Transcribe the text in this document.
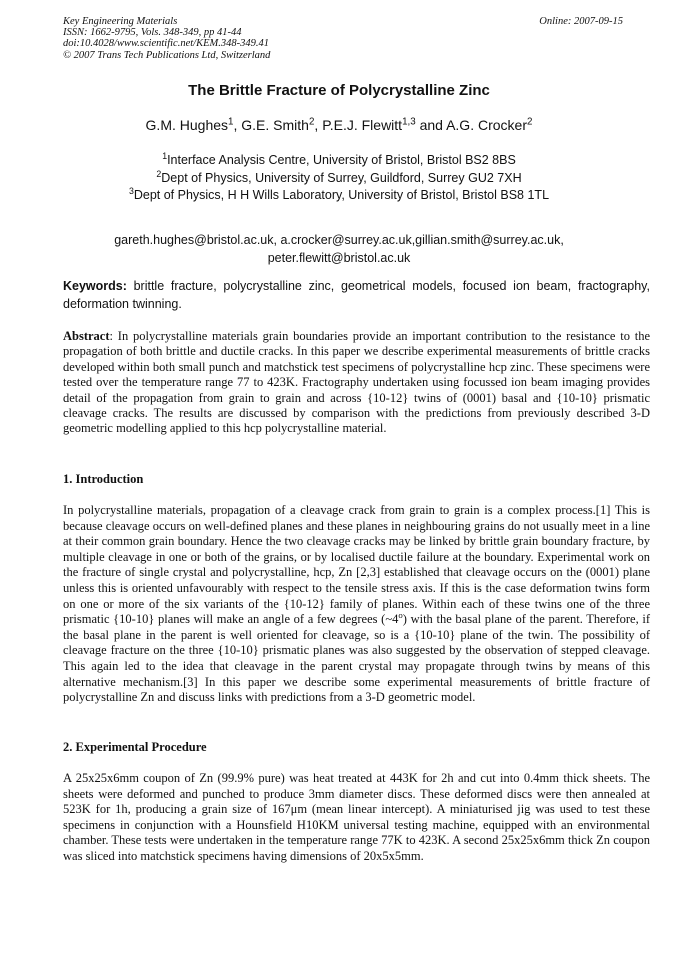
Key Engineering Materials
ISSN: 1662-9795, Vols. 348-349, pp 41-44
doi:10.4028/www.scientific.net/KEM.348-349.41
© 2007 Trans Tech Publications Ltd, Switzerland
Online: 2007-09-15
The Brittle Fracture of Polycrystalline Zinc
G.M. Hughes$^1$, G.E. Smith$^2$, P.E.J. Flewitt$^{1,3}$ and A.G. Crocker$^2$
$^1$Interface Analysis Centre, University of Bristol, Bristol BS2 8BS
$^2$Dept of Physics, University of Surrey, Guildford, Surrey GU2 7XH
$^3$Dept of Physics, H H Wills Laboratory, University of Bristol, Bristol BS8 1TL
gareth.hughes@bristol.ac.uk, a.crocker@surrey.ac.uk,gillian.smith@surrey.ac.uk, peter.flewitt@bristol.ac.uk
Keywords: brittle fracture, polycrystalline zinc, geometrical models, focused ion beam, fractography, deformation twinning.
Abstract: In polycrystalline materials grain boundaries provide an important contribution to the resistance to the propagation of both brittle and ductile cracks. In this paper we describe experimental measurements of brittle cracks developed within both small punch and matchstick test specimens of polycrystalline hcp zinc. These specimens were tested over the temperature range 77 to 423K. Fractography undertaken using focussed ion beam imaging provides detail of the propagation from grain to grain and across {10-12} twins of (0001) basal and {10-10} prismatic cleavage cracks. The results are discussed by comparison with the predictions from previously described 3-D geometric modelling applied to this hcp polycrystalline material.
1. Introduction
In polycrystalline materials, propagation of a cleavage crack from grain to grain is a complex process.[1] This is because cleavage occurs on well-defined planes and these planes in neighbouring grains do not usually meet in a line at their common grain boundary. Hence the two cleavage cracks may be linked by brittle grain boundary fracture, by multiple cleavage in one or both of the grains, or by localised ductile failure at the boundary. Experimental work on the fracture of single crystal and polycrystalline, hcp, Zn [2,3] established that cleavage occurs on the (0001) plane unless this is oriented unfavourably with respect to the tensile stress axis. If this is the case deformation twins form on one or more of the six variants of the {10-12} family of planes. Within each of these twins one of the three prismatic {10-10} planes will make an angle of a few degrees (~4$^o$) with the basal plane of the parent. Therefore, if the basal plane in the parent is well oriented for cleavage, so is a {10-10} plane of the twin. The possibility of cleavage fracture on the three {10-10} prismatic planes was also suggested by the observation of stepped cleavage. This again led to the idea that cleavage in the parent crystal may propagate through twins by means of this alternative mechanism.[3] In this paper we describe some experimental measurements of brittle fracture of polycrystalline Zn and discuss links with predictions from a 3-D geometric model.
2. Experimental Procedure
A 25x25x6mm coupon of Zn (99.9% pure) was heat treated at 443K for 2h and cut into 0.4mm thick sheets. The sheets were deformed and punched to produce 3mm diameter discs. These deformed discs were then annealed at 523K for 1h, producing a grain size of 167μm (mean linear intercept). A miniaturised jig was used to test these specimens in conjunction with a Hounsfield H10KM universal testing machine, equipped with an environmental chamber. These tests were undertaken in the temperature range 77K to 423K. A second 25x25x6mm thick Zn coupon was sliced into matchstick specimens having dimensions of 20x5x5mm.
